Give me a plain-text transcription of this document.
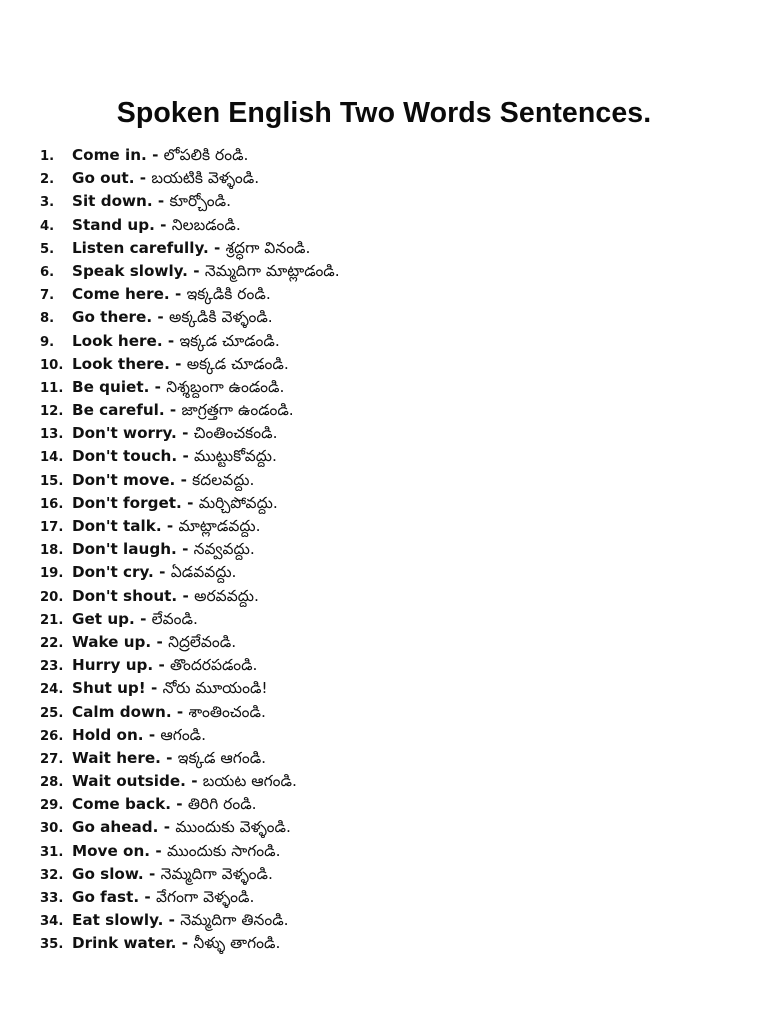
Spoken English Two Words Sentences.
1.	Come in. - లోపలికి రండి.
2.	Go out. - బయటికి వెళ్ళండి.
3.	Sit down. - కూర్చోండి.
4.	Stand up. - నిలబడండి.
5.	Listen carefully. - శ్రద్ధగా వినండి.
6.	Speak slowly. - నెమ్మదిగా మాట్లాడండి.
7.	Come here. - ఇక్కడికి రండి.
8.	Go there. - అక్కడికి వెళ్ళండి.
9.	Look here. - ఇక్కడ చూడండి.
10. Look there. - అక్కడ చూడండి.
11. Be quiet. - నిశ్శబ్దంగా ఉండండి.
12. Be careful. - జాగ్రత్తగా ఉండండి.
13. Don't worry. - చింతించకండి.
14. Don't touch. - ముట్టుకోవద్దు.
15. Don't move. - కదలవద్దు.
16. Don't forget. - మర్చిపోవద్దు.
17. Don't talk. - మాట్లాడవద్దు.
18. Don't laugh. - నవ్వవద్దు.
19. Don't cry. - ఏడవవద్దు.
20. Don't shout. - అరవవద్దు.
21. Get up. - లేవండి.
22. Wake up. - నిద్రలేవండి.
23. Hurry up. - తొందరపడండి.
24. Shut up! - నోరు మూయండి!
25. Calm down. - శాంతించండి.
26. Hold on. - ఆగండి.
27. Wait here. - ఇక్కడ ఆగండి.
28. Wait outside. - బయట ఆగండి.
29. Come back. - తిరిగి రండి.
30. Go ahead. - ముందుకు వెళ్ళండి.
31. Move on. - ముందుకు సాగండి.
32. Go slow. - నెమ్మదిగా వెళ్ళండి.
33. Go fast. - వేగంగా వెళ్ళండి.
34. Eat slowly. - నెమ్మదిగా తినండి.
35. Drink water. - నీళ్ళు తాగండి.
